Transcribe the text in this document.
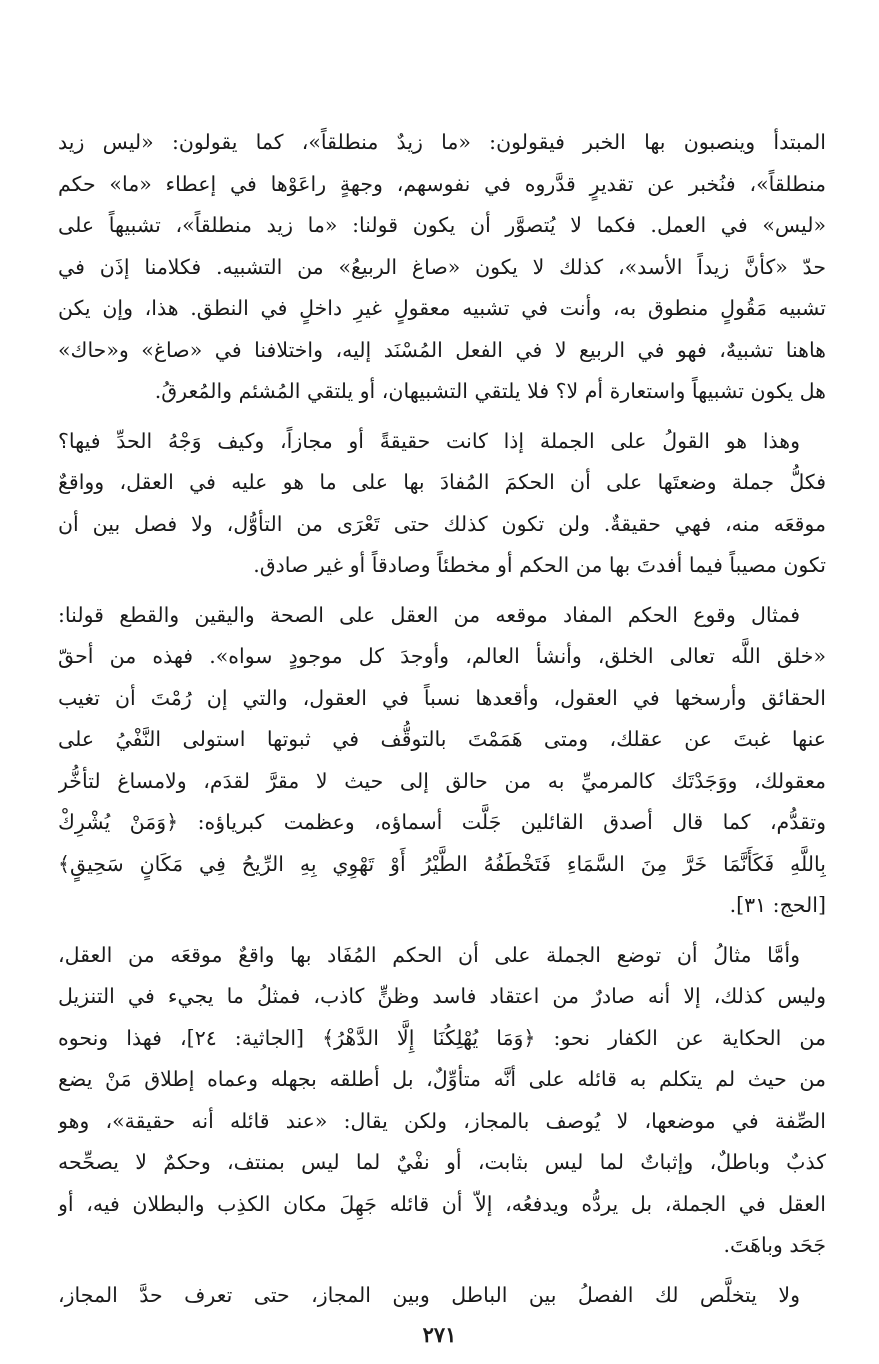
المبتدأ وينصبون بها الخبر فيقولون: «ما زيدٌ منطلقاً»، كما يقولون: «ليس زيد
منطلقاً»، فنُخبر عن تقديرٍ قدَّروه في نفوسهم، وجهةٍ راعَوْها في إعطاء «ما» حكم
«ليس» في العمل. فكما لا يُتصوَّر أن يكون قولنا: «ما زيد منطلقاً»، تشبيهاً على
حدّ «كأنَّ زيداً الأسد»، كذلك لا يكون «صاغ الربيعُ» من التشبيه. فكلامنا إذَن في
تشبيه مَقُولٍ منطوق به، وأنت في تشبيه معقولٍ غيرِ داخلٍ في النطق. هذا، وإن يكن
هاهنا تشبيهٌ، فهو في الربيع لا في الفعل المُسْنَد إليه، واختلافنا في «صاغ» و«حاك»
هل يكون تشبيهاً واستعارة أم لا؟ فلا يلتقي التشبيهان، أو يلتقي المُشئم والمُعرقُ.
وهذا هو القولُ على الجملة إذا كانت حقيقةً أو مجازاً، وكيف وَجْهُ الحدِّ فيها؟
فكلُّ جملة وضعتَها على أن الحكمَ المُفادَ بها على ما هو عليه في العقل، وواقعٌ
موقعَه منه، فهي حقيقةٌ. ولن تكون كذلك حتى تَعْرَى من التأوُّل، ولا فصل بين أن
تكون مصيباً فيما أفدتَ بها من الحكم أو مخطئاً وصادقاً أو غير صادق.
فمثال وقوع الحكم المفاد موقعه من العقل على الصحة واليقين والقطع قولنا:
«خلق اللَّه تعالى الخلق، وأنشأ العالم، وأوجدَ كل موجودٍ سواه». فهذه من أحقّ
الحقائق وأرسخها في العقول، وأقعدها نسباً في العقول، والتي إن رُمْتَ أن تغيب
عنها غبتَ عن عقلك، ومتى هَمَمْتَ بالتوقُّف في ثبوتها استولى النَّفْيُ على
معقولك، ووَجَدْتَك كالمرميِّ به من حالق إلى حيث لا مقرَّ لقدَم، ولامساغ لتأخُّر
وتقدُّم، كما قال أصدق القائلين جَلَّت أسماؤه، وعظمت كبرياؤه: ﴿وَمَنْ يُشْرِكْ
بِاللَّهِ فَكَأَنَّمَا خَرَّ مِنَ السَّمَاءِ فَتَخْطَفُهُ الطَّيْرُ أَوْ تَهْوِي بِهِ الرِّيحُ فِي مَكَانٍ سَحِيقٍ﴾
[الحج: ٣١].
وأمَّا مثالُ أن توضع الجملة على أن الحكم المُفَاد بها واقعٌ موقعَه من العقل،
وليس كذلك، إلا أنه صادرٌ من اعتقاد فاسد وظنٍّ كاذب، فمثلُ ما يجيء في التنزيل
من الحكاية عن الكفار نحو: ﴿وَمَا يُهْلِكُنَا إِلَّا الدَّهْرُ﴾ [الجاثية: ٢٤]، فهذا ونحوه
من حيث لم يتكلم به قائله على أنَّه متأوِّلٌ، بل أطلقه بجهله وعماه إطلاق مَنْ يضع
الصِّفة في موضعها، لا يُوصف بالمجاز، ولكن يقال: «عند قائله أنه حقيقة»، وهو
كذبٌ وباطلٌ، وإثباتٌ لما ليس بثابت، أو نفْيٌ لما ليس بمنتف، وحكمٌ لا يصحِّحه
العقل في الجملة، بل يردُّه ويدفعُه، إلاّ أن قائله جَهِلَ مكان الكذِب والبطلان فيه، أو
جَحَد وباهَتَ.
ولا يتخلَّص لك الفصلُ بين الباطل وبين المجاز، حتى تعرف حدَّ المجاز،
٢٧١
